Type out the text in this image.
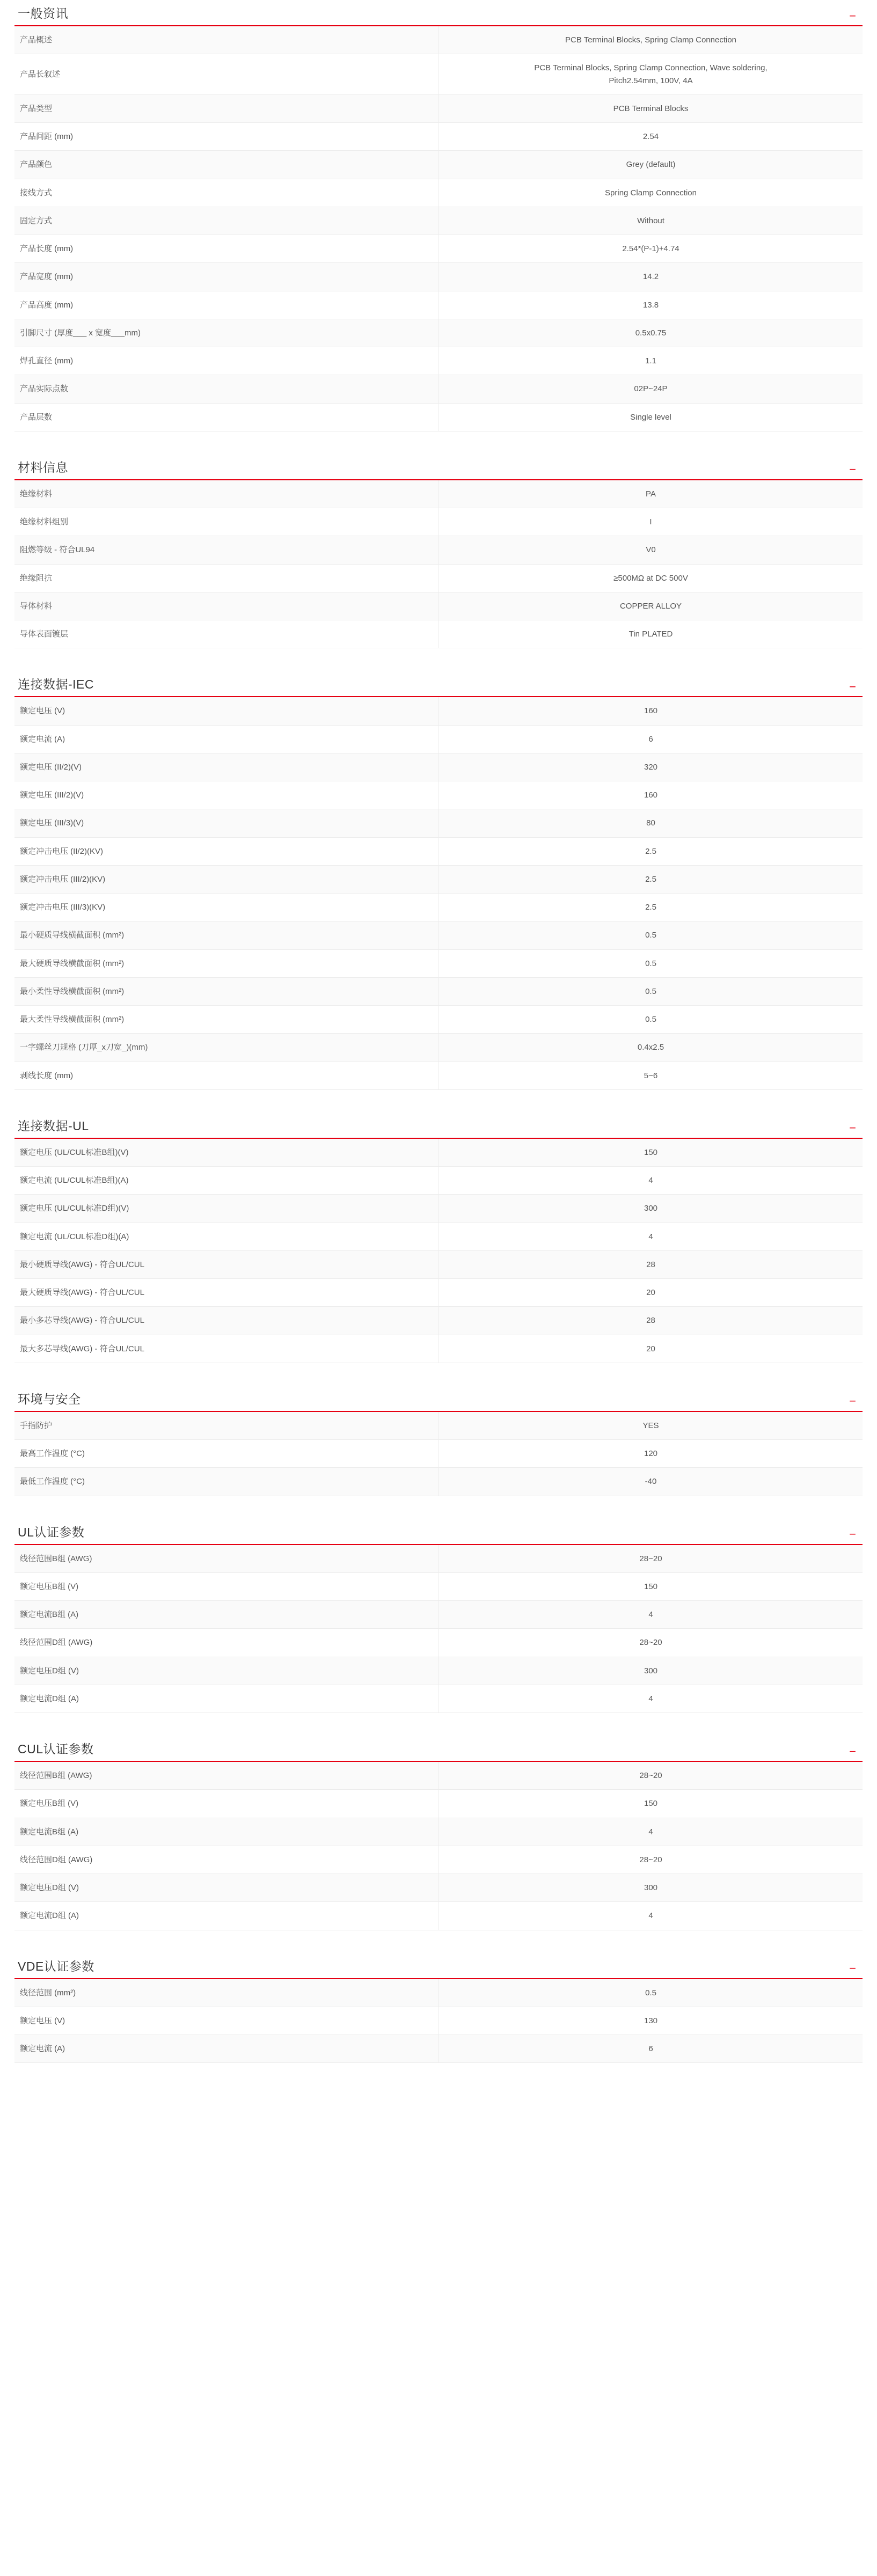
一般资讯	−
产品概述	PCB Terminal Blocks, Spring Clamp Connection
产品长叙述	PCB Terminal Blocks, Spring Clamp Connection, Wave soldering,
Pitch2.54mm, 100V, 4A

产品类型	PCB Terminal Blocks
产品间距 (mm)	2.54
产品颜色	Grey (default)
接线方式	Spring Clamp Connection
固定方式	Without
产品长度 (mm)	2.54*(P-1)+4.74
产品宽度 (mm)	14.2
产品高度 (mm)	13.8
引脚尺寸 (厚度___ x 宽度___mm)	0.5x0.75
焊孔直径 (mm)	1.1
产品实际点数	02P~24P
产品层数	Single level
材料信息	−
绝缘材料	PA
绝缘材料组别	I
阻燃等级 - 符合UL94	V0
绝缘阻抗	≥500MΩ at DC 500V
导体材料	COPPER ALLOY
导体表面镀层	Tin PLATED
连接数据-IEC	−
额定电压 (V)	160
额定电流 (A)	6
额定电压 (II/2)(V)	320
额定电压 (III/2)(V)	160
额定电压 (III/3)(V)	80
额定冲击电压 (II/2)(KV)	2.5
额定冲击电压 (III/2)(KV)	2.5
额定冲击电压 (III/3)(KV)	2.5
最小硬质导线横截面积 (mm²)	0.5
最大硬质导线横截面积 (mm²)	0.5
最小柔性导线横截面积 (mm²)	0.5
最大柔性导线横截面积 (mm²)	0.5
一字螺丝刀规格 (刀厚_x刀宽_)(mm)	0.4x2.5
剥线长度 (mm)	5~6
连接数据-UL	−
额定电压 (UL/CUL标准B组)(V)	150
额定电流 (UL/CUL标准B组)(A)	4
额定电压 (UL/CUL标准D组)(V)	300
额定电流 (UL/CUL标准D组)(A)	4
最小硬质导线(AWG) - 符合UL/CUL	28
最大硬质导线(AWG) - 符合UL/CUL	20
最小多芯导线(AWG) - 符合UL/CUL	28
最大多芯导线(AWG) - 符合UL/CUL	20
环境与安全	−
手指防护	YES
最高工作温度 (°C)	120
最低工作温度 (°C)	-40
UL认证参数	−
线径范围B组 (AWG)	28~20
额定电压B组 (V)	150
额定电流B组 (A)	4
线径范围D组 (AWG)	28~20
额定电压D组 (V)	300
额定电流D组 (A)	4
CUL认证参数	−
线径范围B组 (AWG)	28~20
额定电压B组 (V)	150
额定电流B组 (A)	4
线径范围D组 (AWG)	28~20
额定电压D组 (V)	300
额定电流D组 (A)	4
VDE认证参数	−
线径范围 (mm²)	0.5
额定电压 (V)	130
额定电流 (A)	6
